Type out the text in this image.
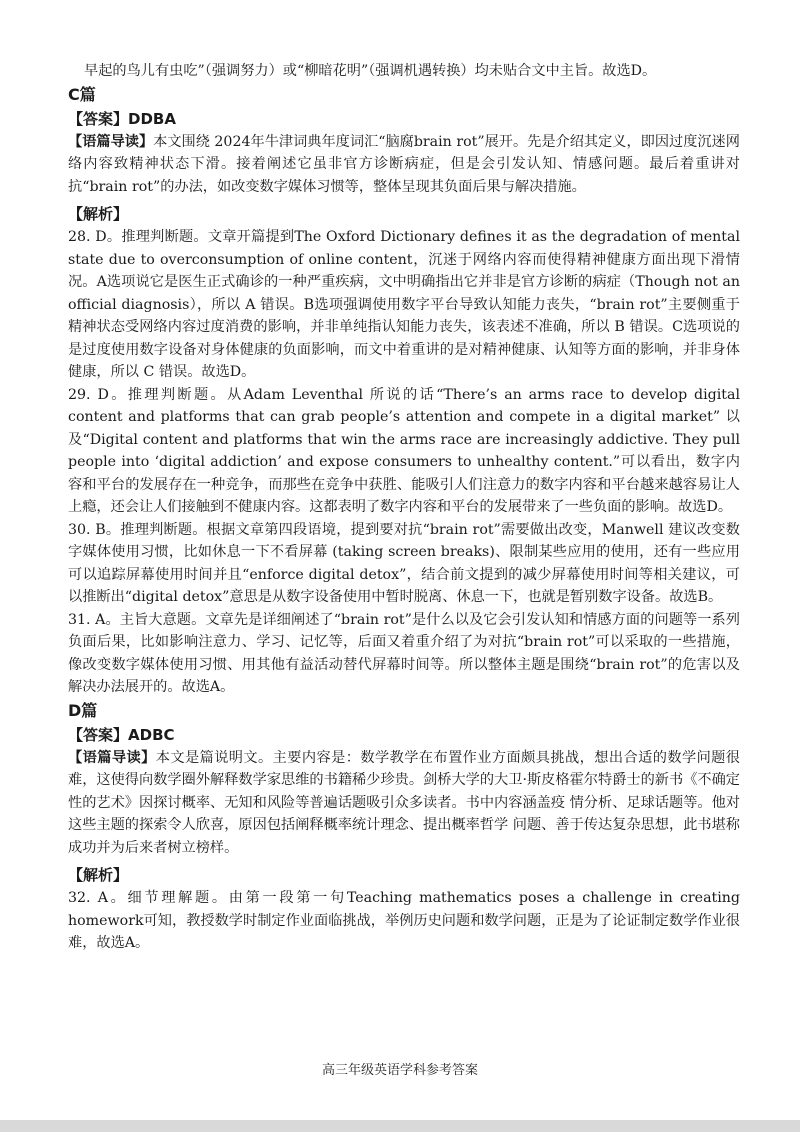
早起的鸟儿有虫吃”（强调努力）或“柳暗花明”（强调机遇转换）均未贴合文中主旨。故选D。

C篇

【答案】DDBA

【语篇导读】本文围绕 2024年牛津词典年度词汇“脑腐brain rot”展开。先是介绍其定义，即因过度沉迷网络内容致精神状态下滑。接着阐述它虽非官方诊断病症，但是会引发认知、情感问题。最后着重讲对抗“brain rot”的办法，如改变数字媒体习惯等，整体呈现其负面后果与解决措施。

【解析】

28. D。推理判断题。文章开篇提到The Oxford Dictionary defines it as the degradation of mental state due to overconsumption of online content，沉迷于网络内容而使得精神健康方面出现下滑情况。A选项说它是医生正式确诊的一种严重疾病，文中明确指出它并非是官方诊断的病症（Though not an official diagnosis），所以 A 错误。B选项强调使用数字平台导致认知能力丧失，“brain rot”主要侧重于精神状态受网络内容过度消费的影响，并非单纯指认知能力丧失，该表述不准确，所以 B 错误。C选项说的是过度使用数字设备对身体健康的负面影响，而文中着重讲的是对精神健康、认知等方面的影响，并非身体健康，所以 C 错误。故选D。

29. D。推理判断题。从Adam Leventhal 所说的话“There’s an arms race to develop digital content and platforms that can grab people’s attention and compete in a digital market” 以及“Digital content and platforms that win the arms race are increasingly addictive. They pull people into ‘digital addiction’ and expose consumers to unhealthy content.”可以看出，数字内容和平台的发展存在一种竞争，而那些在竞争中获胜、能吸引人们注意力的数字内容和平台越来越容易让人上瘾，还会让人们接触到不健康内容。这都表明了数字内容和平台的发展带来了一些负面的影响。故选D。

30. B。推理判断题。根据文章第四段语境，提到要对抗“brain rot”需要做出改变，Manwell 建议改变数字媒体使用习惯，比如休息一下不看屏幕 (taking screen breaks)、限制某些应用的使用，还有一些应用可以追踪屏幕使用时间并且“enforce digital detox”，结合前文提到的减少屏幕使用时间等相关建议，可以推断出“digital detox”意思是从数字设备使用中暂时脱离、休息一下，也就是暂别数字设备。故选B。

31. A。主旨大意题。文章先是详细阐述了“brain rot”是什么以及它会引发认知和情感方面的问题等一系列负面后果，比如影响注意力、学习、记忆等，后面又着重介绍了为对抗“brain rot”可以采取的一些措施，像改变数字媒体使用习惯、用其他有益活动替代屏幕时间等。所以整体主题是围绕“brain rot”的危害以及解决办法展开的。故选A。

D篇

【答案】ADBC

【语篇导读】本文是篇说明文。主要内容是：数学教学在布置作业方面颇具挑战，想出合适的数学问题很难，这使得向数学圈外解释数学家思维的书籍稀少珍贵。剑桥大学的大卫·斯皮格霍尔特爵士的新书《不确定性的艺术》因探讨概率、无知和风险等普遍话题吸引众多读者。书中内容涵盖疫 情分析、足球话题等。他对这些主题的探索令人欣喜，原因包括阐释概率统计理念、提出概率哲学 问题、善于传达复杂思想，此书堪称成功并为后来者树立榜样。

【解析】

32. A。细节理解题。由第一段第一句Teaching mathematics poses a challenge in creating homework可知，教授数学时制定作业面临挑战，举例历史问题和数学问题，正是为了论证制定数学作业很难，故选A。

高三年级英语学科参考答案
